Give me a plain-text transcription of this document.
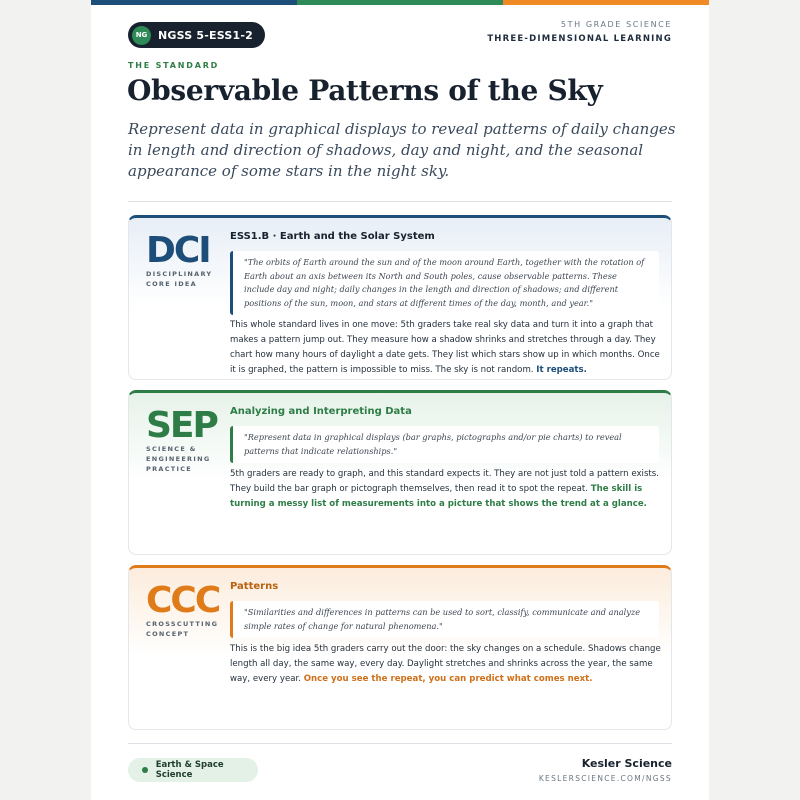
NG NGSS 5-ESS1-2
5TH GRADE SCIENCE
THREE-DIMENSIONAL LEARNING
THE STANDARD
Observable Patterns of the Sky
Represent data in graphical displays to reveal patterns of daily changes in length and direction of shadows, day and night, and the seasonal appearance of some stars in the night sky.
DCI
DISCIPLINARY
CORE IDEA
ESS1.B · Earth and the Solar System
"The orbits of Earth around the sun and of the moon around Earth, together with the rotation of Earth about an axis between its North and South poles, cause observable patterns. These include day and night; daily changes in the length and direction of shadows; and different positions of the sun, moon, and stars at different times of the day, month, and year."
This whole standard lives in one move: 5th graders take real sky data and turn it into a graph that makes a pattern jump out. They measure how a shadow shrinks and stretches through a day. They chart how many hours of daylight a date gets. They list which stars show up in which months. Once it is graphed, the pattern is impossible to miss. The sky is not random. It repeats.
SEP
SCIENCE &
ENGINEERING
PRACTICE
Analyzing and Interpreting Data
"Represent data in graphical displays (bar graphs, pictographs and/or pie charts) to reveal patterns that indicate relationships."
5th graders are ready to graph, and this standard expects it. They are not just told a pattern exists. They build the bar graph or pictograph themselves, then read it to spot the repeat. The skill is turning a messy list of measurements into a picture that shows the trend at a glance.
CCC
CROSSCUTTING
CONCEPT
Patterns
"Similarities and differences in patterns can be used to sort, classify, communicate and analyze simple rates of change for natural phenomena."
This is the big idea 5th graders carry out the door: the sky changes on a schedule. Shadows change length all day, the same way, every day. Daylight stretches and shrinks across the year, the same way, every year. Once you see the repeat, you can predict what comes next.
Earth & Space Science
Kesler Science
KESLERSCIENCE.COM/NGSS
